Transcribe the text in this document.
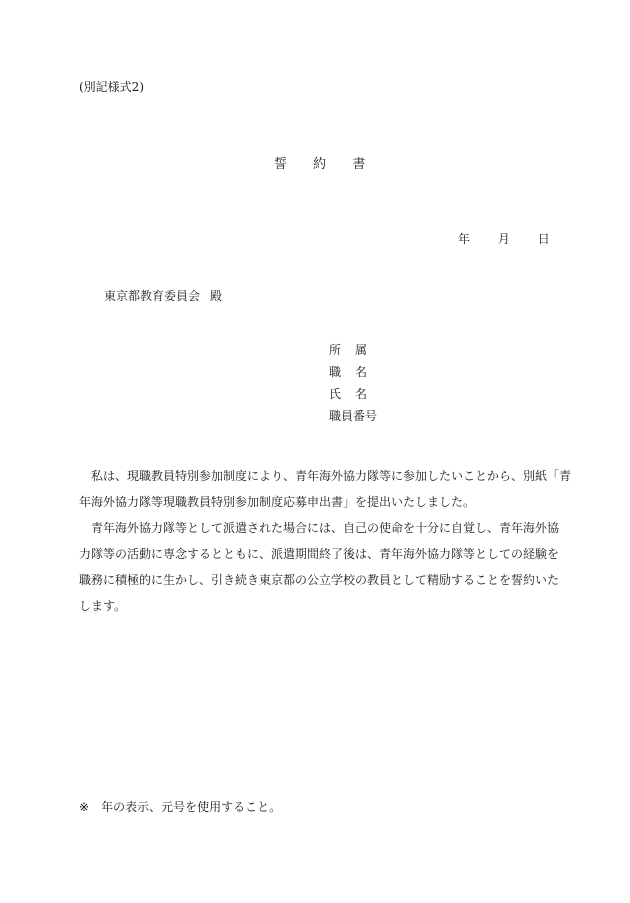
(別記様式2)
誓 約 書
年 月 日
東京都教育委員会 殿
所 属
職 名
氏 名
職員番号
私は、現職教員特別参加制度により、青年海外協力隊等に参加したいことから、別紙「青
年海外協力隊等現職教員特別参加制度応募申出書」を提出いたしました。
青年海外協力隊等として派遣された場合には、自己の使命を十分に自覚し、青年海外協
力隊等の活動に専念するとともに、派遣期間終了後は、青年海外協力隊等としての経験を
職務に積極的に生かし、引き続き東京都の公立学校の教員として精励することを誓約いた
します。
※ 年の表示、元号を使用すること。
